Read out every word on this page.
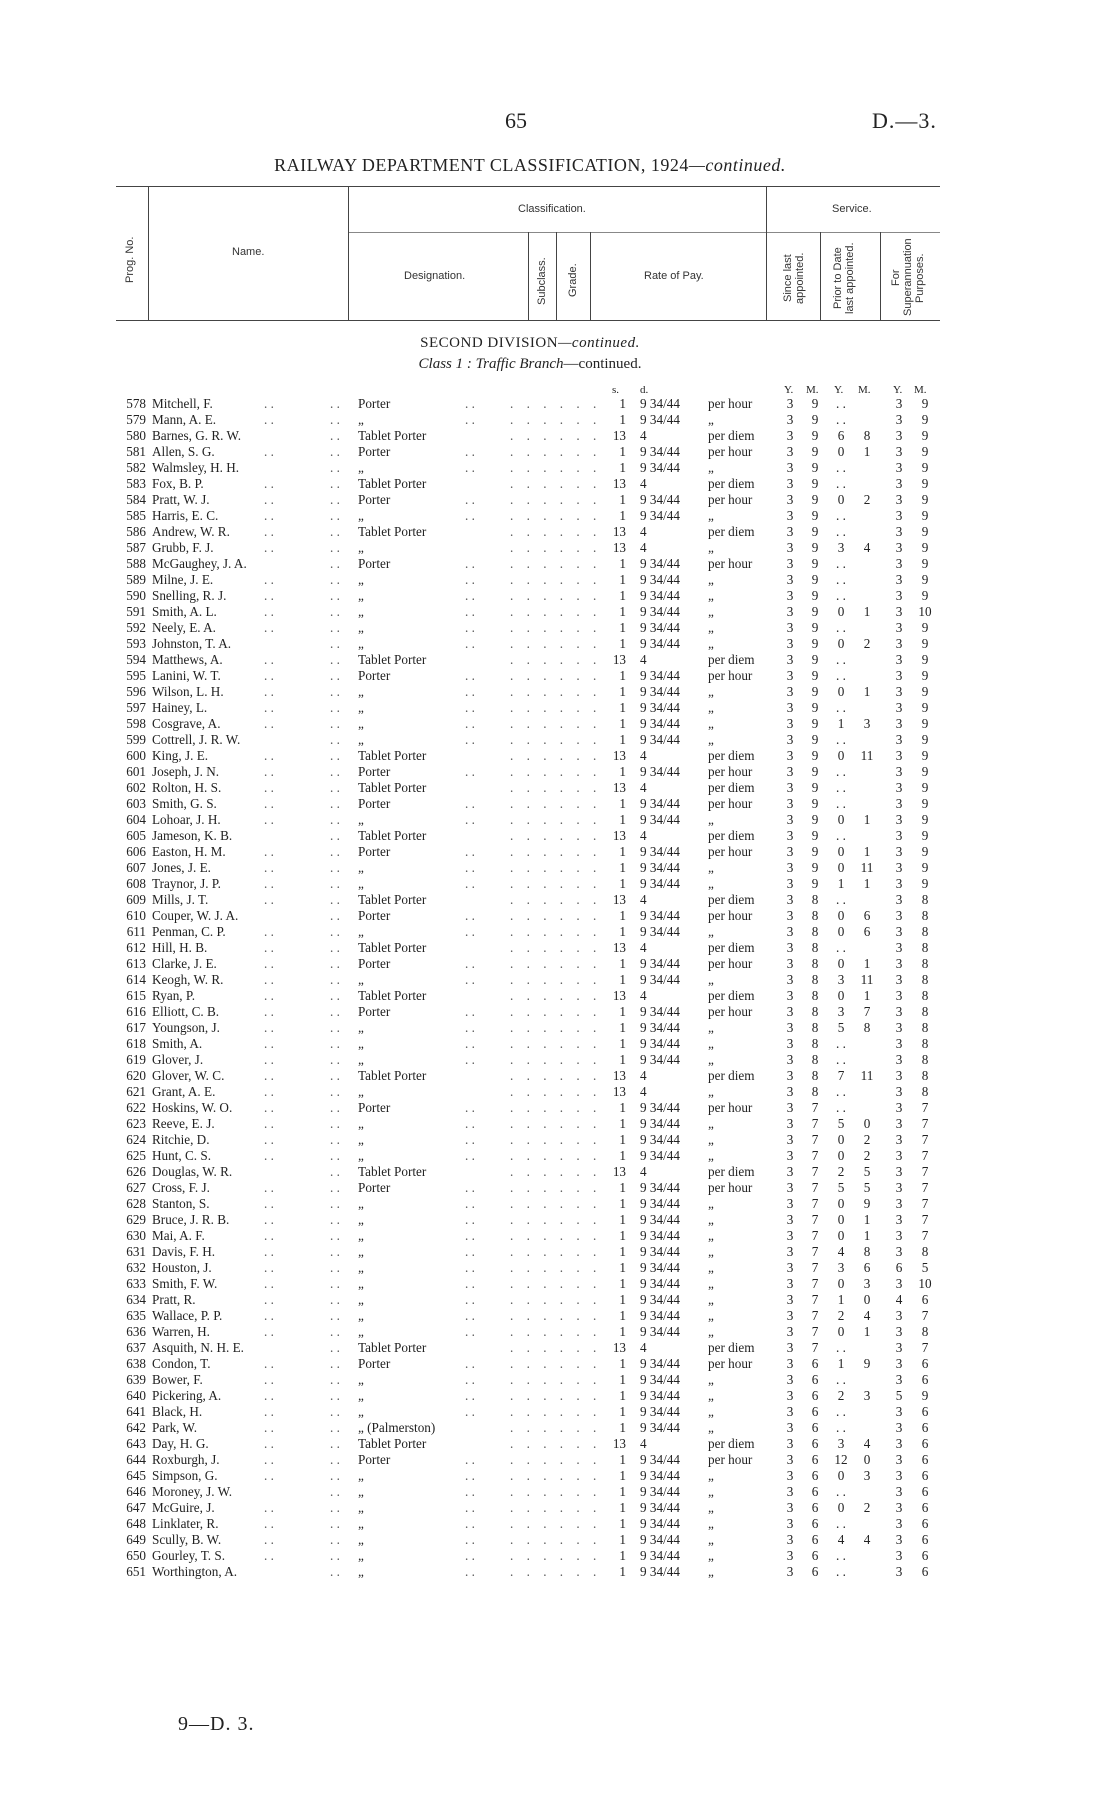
65	D.—3.
RAILWAY DEPARTMENT CLASSIFICATION, 1924—continued.
Prog. No.	Name.
Classification.	Service.
Designation.	Subclass. Grade.	Rate of Pay.	Since last appointed. Prior to Date last appointed.	For Superannuation Purposes.
SECOND DIVISION—continued.
Class 1 : Traffic Branch—continued.
s. d.	Y. M. Y. M. Y. M.
578 Mitchell, F.	. .	. . Porter	. .	. . . . . .	1 9 34/44 per hour	3	9	. .	3	9
579 Mann, A. E.	. .	. . „	. .	. . . . . .	1 9 34/44 „	3	9	. .	3	9
580 Barnes, G. R. W.	. . Tablet Porter	. . . . . . 13 4	per diem 3	9	6	8	3	9
581 Allen, S. G.	. .	. . Porter	. .	. . . . . .	1 9 34/44 per hour	3	9	0	1	3	9
582 Walmsley, H. H.	. . „	. .	. . . . . .	1 9 34/44 „	3	9	. .	3	9
583 Fox, B. P.	. .	. . Tablet Porter	. . . . . . 13 4	per diem 3	9	. .	3	9
584 Pratt, W. J.	. .	. . Porter	. .	. . . . . .	1 9 34/44 per hour	3	9	0	2	3	9
585 Harris, E. C.	. .	. . „	. .	. . . . . .	1 9 34/44 „	3	9	. .	3	9
586 Andrew, W. R.	. .	. . Tablet Porter	. . . . . . 13 4	per diem 3	9	. .	3	9
587 Grubb, F. J.	. .	. . „	. . . . . . 13 4	„	3	9	3	4	3	9
588 McGaughey, J. A.	. . Porter	. .	. . . . . .	1 9 34/44 per hour	3	9	. .	3	9
589 Milne, J. E.	. .	. . „	. .	. . . . . .	1 9 34/44 „	3	9	. .	3	9
590 Snelling, R. J.	. .	. . „	. .	. . . . . .	1 9 34/44 „	3	9	. .	3	9
591 Smith, A. L.	. .	. . „	. .	. . . . . .	1 9 34/44 „	3	9	0	1	3	10
592 Neely, E. A.	. .	. . „	. .	. . . . . .	1 9 34/44 „	3	9	. .	3	9
593 Johnston, T. A.	. . „	. .	. . . . . .	1 9 34/44 „	3	9	0	2	3	9
594 Matthews, A.	. .	. . Tablet Porter	. . . . . . 13 4	per diem 3	9	. .	3	9
595 Lanini, W. T.	. .	. . Porter	. .	. . . . . .	1 9 34/44 per hour	3	9	. .	3	9
596 Wilson, L. H.	. .	. . „	. .	. . . . . .	1 9 34/44 „	3	9	0	1	3	9
597 Hainey, L.	. .	. . „	. .	. . . . . .	1 9 34/44 „	3	9	. .	3	9
598 Cosgrave, A.	. .	. . „	. .	. . . . . .	1 9 34/44 „	3	9	1	3	3	9
599 Cottrell, J. R. W.	. . „	. .	. . . . . .	1 9 34/44 „	3	9	. .	3	9
600 King, J. E.	. .	. . Tablet Porter	. . . . . . 13 4	per diem 3	9	0	11	3	9
601 Joseph, J. N.	. .	. . Porter	. .	. . . . . .	1 9 34/44 per hour	3	9	. .	3	9
602 Rolton, H. S.	. .	. . Tablet Porter	. . . . . . 13 4	per diem 3	9	. .	3	9
603 Smith, G. S.	. .	. . Porter	. .	. . . . . .	1 9 34/44 per hour	3	9	. .	3	9
604 Lohoar, J. H.	. .	. . „	. .	. . . . . .	1 9 34/44 „	3	9	0	1	3	9
605 Jameson, K. B.	. . Tablet Porter	. . . . . . 13 4	per diem 3	9	. .	3	9
606 Easton, H. M.	. .	. . Porter	. .	. . . . . .	1 9 34/44 per hour	3	9	0	1	3	9
607 Jones, J. E.	. .	. . „	. .	. . . . . .	1 9 34/44 „	3	9	0	11	3	9
608 Traynor, J. P.	. .	. . „	. .	. . . . . .	1 9 34/44 „	3	9	1	1	3	9
609 Mills, J. T.	. .	. . Tablet Porter	. . . . . . 13 4	per diem 3	8	. .	3	8
610 Couper, W. J. A.	. . Porter	. .	. . . . . .	1 9 34/44 per hour	3	8	0	6	3	8
611 Penman, C. P.	. .	. . „	. .	. . . . . .	1 9 34/44 „	3	8	0	6	3	8
612 Hill, H. B.	. .	. . Tablet Porter	. . . . . . 13 4	per diem 3	8	. .	3	8
613 Clarke, J. E.	. .	. . Porter	. .	. . . . . .	1 9 34/44 per hour	3	8	0	1	3	8
614 Keogh, W. R.	. .	. . „	. .	. . . . . .	1 9 34/44 „	3	8	3	11	3	8
615 Ryan, P.	. .	. . Tablet Porter	. . . . . . 13 4	per diem 3	8	0	1	3	8
616 Elliott, C. B.	. .	. . Porter	. .	. . . . . .	1 9 34/44 per hour	3	8	3	7	3	8
617 Youngson, J.	. .	. . „	. .	. . . . . .	1 9 34/44 „	3	8	5	8	3	8
618 Smith, A.	. .	. . „	. .	. . . . . .	1 9 34/44 „	3	8	. .	3	8
619 Glover, J.	. .	. . „	. .	. . . . . .	1 9 34/44 „	3	8	. .	3	8
620 Glover, W. C.	. .	. . Tablet Porter	. . . . . . 13 4	per diem 3	8	7	11	3	8
621 Grant, A. E.	. .	. . „	. . . . . . 13 4	„	3	8	. .	3	8
622 Hoskins, W. O. . .	. . Porter	. .	. . . . . .	1 9 34/44 per hour	3	7	. .	3	7
623 Reeve, E. J.	. .	. . „	. .	. . . . . .	1 9 34/44 „	3	7	5	0	3	7
624 Ritchie, D.	. .	. . „	. .	. . . . . .	1 9 34/44 „	3	7	0	2	3	7
625 Hunt, C. S.	. .	. . „	. .	. . . . . .	1 9 34/44 „	3	7	0	2	3	7
626 Douglas, W. R.	. . Tablet Porter	. . . . . . 13 4	per diem 3	7	2	5	3	7
627 Cross, F. J.	. .	. . Porter	. .	. . . . . .	1 9 34/44 per hour	3	7	5	5	3	7
628 Stanton, S.	. .	. . „	. .	. . . . . .	1 9 34/44 „	3	7	0	9	3	7
629 Bruce, J. R. B.	. .	. . „	. .	. . . . . .	1 9 34/44 „	3	7	0	1	3	7
630 Mai, A. F.	. .	. . „	. .	. . . . . .	1 9 34/44 „	3	7	0	1	3	7
631 Davis, F. H.	. .	. . „	. .	. . . . . .	1 9 34/44 „	3	7	4	8	3	8
632 Houston, J.	. .	. . „	. .	. . . . . .	1 9 34/44 „	3	7	3	6	6	5
633 Smith, F. W.	. .	. . „	. .	. . . . . .	1 9 34/44 „	3	7	0	3	3	10
634 Pratt, R.	. .	. . „	. .	. . . . . .	1 9 34/44 „	3	7	1	0	4	6
635 Wallace, P. P.	. .	. . „	. .	. . . . . .	1 9 34/44 „	3	7	2	4	3	7
636 Warren, H.	. .	. . „	. .	. . . . . .	1 9 34/44 „	3	7	0	1	3	8
637 Asquith, N. H. E.	. . Tablet Porter	. . . . . . 13 4	per diem 3	7	. .	3	7
638 Condon, T.	. .	. . Porter	. .	. . . . . .	1 9 34/44 per hour	3	6	1	9	3	6
639 Bower, F.	. .	. . „	. .	. . . . . .	1 9 34/44 „	3	6	. .	3	6
640 Pickering, A.	. .	. . „	. .	. . . . . .	1 9 34/44 „	3	6	2	3	5	9
641 Black, H.	. .	. . „	. .	. . . . . .	1 9 34/44 „	3	6	. .	3	6
642 Park, W.	. .	. . „ (Palmerston)	. . . . . .	1 9 34/44 „	3	6	. .	3	6
643 Day, H. G.	. .	. . Tablet Porter	. . . . . . 13 4	per diem 3	6	3	4	3	6
644 Roxburgh, J.	. .	. . Porter	. .	. . . . . .	1 9 34/44 per hour	3	6	12	0	3	6
645 Simpson, G.	. .	. . „	. .	. . . . . .	1 9 34/44 „	3	6	0	3	3	6
646 Moroney, J. W.	. . „	. .	. . . . . .	1 9 34/44 „	3	6	. .	3	6
647 McGuire, J.	. .	. . „	. .	. . . . . .	1 9 34/44 „	3	6	0	2	3	6
648 Linklater, R.	. .	. . „	. .	. . . . . .	1 9 34/44 „	3	6	. .	3	6
649 Scully, B. W.	. .	. . „	. .	. . . . . .	1 9 34/44 „	3	6	4	4	3	6
650 Gourley, T. S.	. .	. . „	. .	. . . . . .	1 9 34/44 „	3	6	. .	3	6
651 Worthington, A.	. . „	. .	. . . . . .	1 9 34/44 „	3	6	. .	3	6
9—D. 3.
